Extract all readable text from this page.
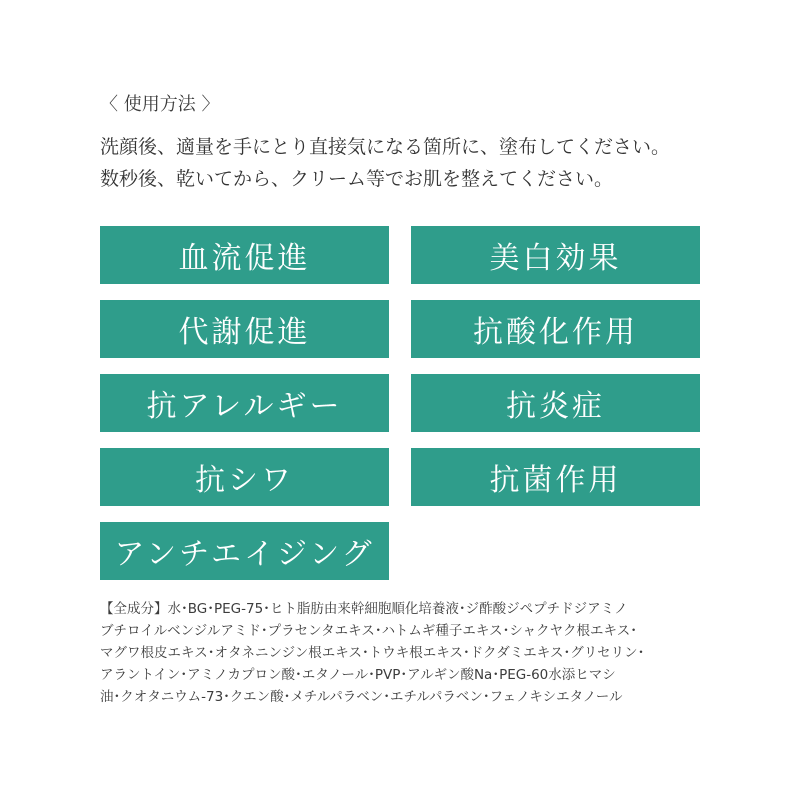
〈 使用方法 〉

洗顔後、適量を手にとり直接気になる箇所に、塗布してください。

数秒後、乾いてから、クリーム等でお肌を整えてください。

血流促進	美白効果
代謝促進	抗酸化作用
抗アレルギー	抗炎症
抗シワ	抗菌作用
アンチエイジング
【全成分】水･BG･PEG-75･ヒト脂肪由来幹細胞順化培養液･ジ酢酸ジペプチドジアミノ
ブチロイルベンジルアミド･プラセンタエキス･ハトムギ種子エキス･シャクヤク根エキス･
マグワ根皮エキス･オタネニンジン根エキス･トウキ根エキス･ドクダミエキス･グリセリン･
アラントイン･アミノカプロン酸･エタノール･PVP･アルギン酸Na･PEG-60水添ヒマシ
油･クオタニウム-73･クエン酸･メチルパラベン･エチルパラベン･フェノキシエタノール
